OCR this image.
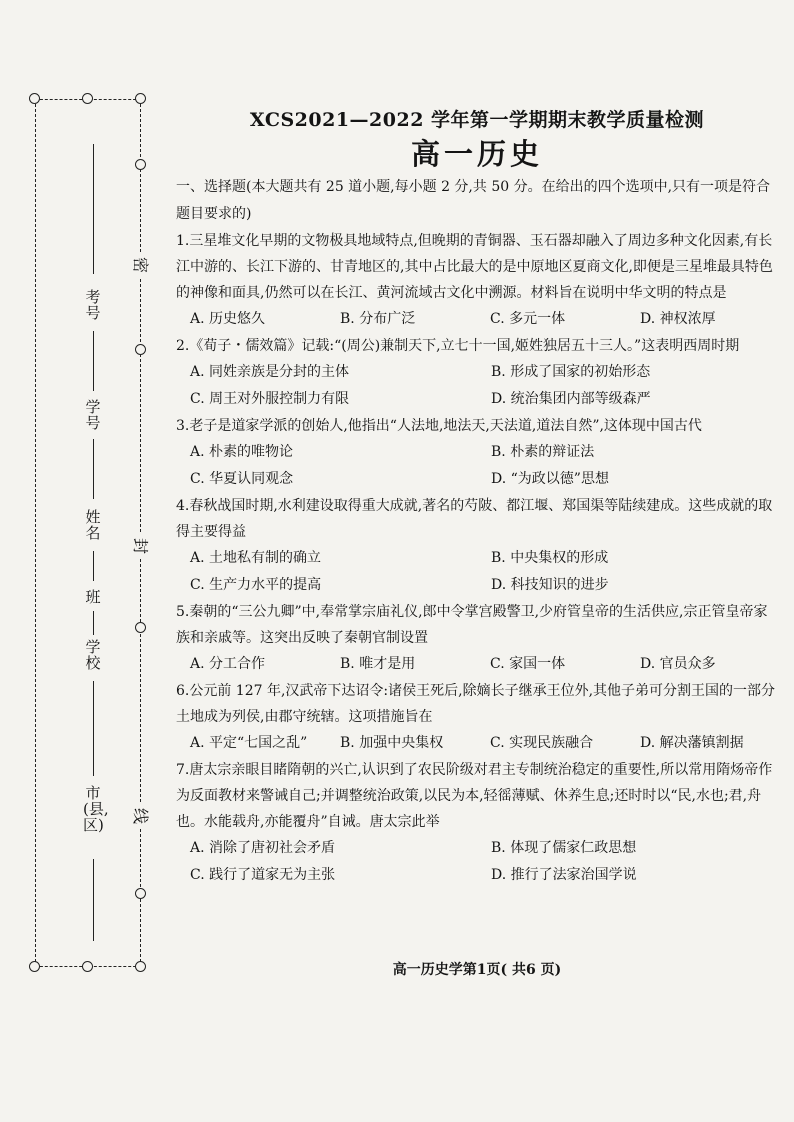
密
封
线
考号
学号
姓名
班
学校
市(县,区)
XCS2021—2022 学年第一学期期末教学质量检测
高一历史

一、选择题(本大题共有 25 道小题,每小题 2 分,共 50 分。在给出的四个选项中,只有一项是符合题目要求的)

1.三星堆文化早期的文物极具地域特点,但晚期的青铜器、玉石器却融入了周边多种文化因素,有长江中游的、长江下游的、甘青地区的,其中占比最大的是中原地区夏商文化,即便是三星堆最具特色的神像和面具,仍然可以在长江、黄河流域古文化中溯源。材料旨在说明中华文明的特点是

A. 历史悠久	B. 分布广泛	C. 多元一体	D. 神权浓厚

2.《荀子・儒效篇》记载:“(周公)兼制天下,立七十一国,姬姓独居五十三人。”这表明西周时期

A. 同姓亲族是分封的主体	B. 形成了国家的初始形态
C. 周王对外服控制力有限	D. 统治集团内部等级森严

3.老子是道家学派的创始人,他指出“人法地,地法天,天法道,道法自然”,这体现中国古代

A. 朴素的唯物论	B. 朴素的辩证法
C. 华夏认同观念	D. “为政以德”思想

4.春秋战国时期,水利建设取得重大成就,著名的芍陂、都江堰、郑国渠等陆续建成。这些成就的取得主要得益

A. 土地私有制的确立	B. 中央集权的形成
C. 生产力水平的提高	D. 科技知识的进步

5.秦朝的“三公九卿”中,奉常掌宗庙礼仪,郎中令掌宫殿警卫,少府管皇帝的生活供应,宗正管皇帝家族和亲戚等。这突出反映了秦朝官制设置

A. 分工合作	B. 唯才是用	C. 家国一体	D. 官员众多

6.公元前 127 年,汉武帝下达诏令:诸侯王死后,除嫡长子继承王位外,其他子弟可分割王国的一部分土地成为列侯,由郡守统辖。这项措施旨在

A. 平定“七国之乱”	B. 加强中央集权	C. 实现民族融合	D. 解决藩镇割据

7.唐太宗亲眼目睹隋朝的兴亡,认识到了农民阶级对君主专制统治稳定的重要性,所以常用隋炀帝作为反面教材来警诫自己;并调整统治政策,以民为本,轻徭薄赋、休养生息;还时时以“民,水也;君,舟也。水能载舟,亦能覆舟”自诫。唐太宗此举

A. 消除了唐初社会矛盾	B. 体现了儒家仁政思想
C. 践行了道家无为主张	D. 推行了法家治国学说
高一历史学第1页( 共6 页)
